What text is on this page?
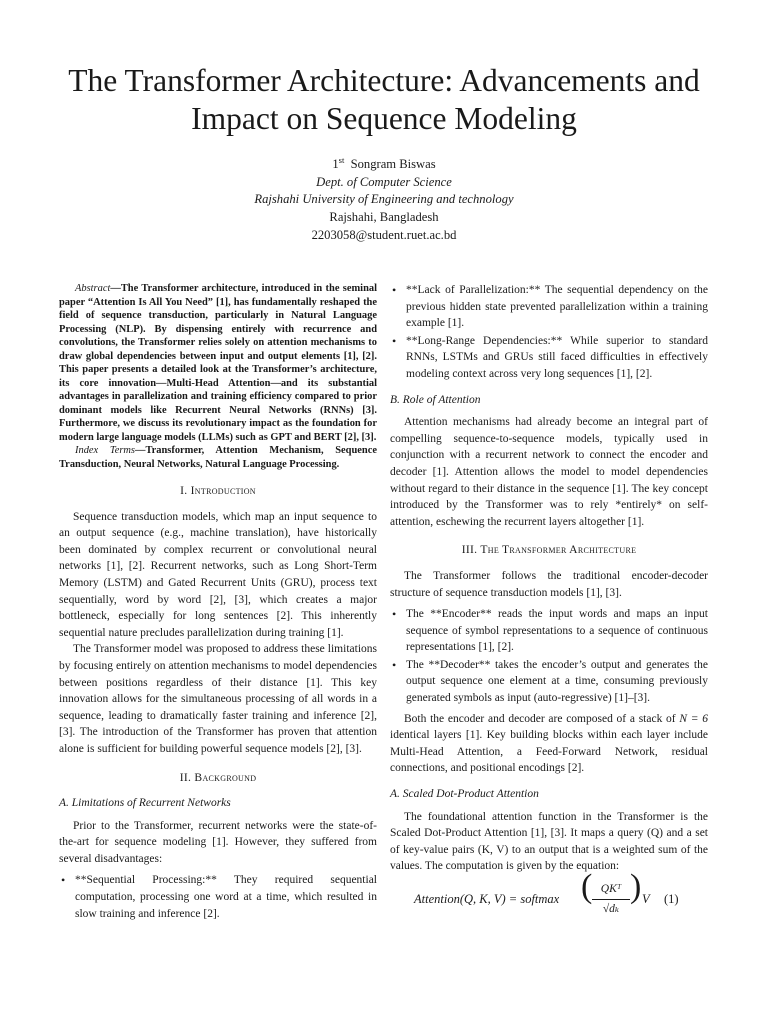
The Transformer Architecture: Advancements and Impact on Sequence Modeling
1st Songram Biswas
Dept. of Computer Science
Rajshahi University of Engineering and technology
Rajshahi, Bangladesh
2203058@student.ruet.ac.bd

Abstract—The Transformer architecture, introduced in the seminal paper “Attention Is All You Need” [1], has fundamentally reshaped the field of sequence transduction, particularly in Natural Language Processing (NLP). By dispensing entirely with recurrence and convolutions, the Transformer relies solely on attention mechanisms to draw global dependencies between input and output elements [1], [2]. This paper presents a detailed look at the Transformer’s architecture, its core innovation—Multi-Head Attention—and its substantial advantages in parallelization and training efficiency compared to prior dominant models like Recurrent Neural Networks (RNNs) [3]. Furthermore, we discuss its revolutionary impact as the foundation for modern large language models (LLMs) such as GPT and BERT [2], [3].

Index Terms—Transformer, Attention Mechanism, Sequence Transduction, Neural Networks, Natural Language Processing.

I. Introduction

Sequence transduction models, which map an input sequence to an output sequence (e.g., machine translation), have historically been dominated by complex recurrent or convolutional neural networks [1], [2]. Recurrent networks, such as Long Short-Term Memory (LSTM) and Gated Recurrent Units (GRU), process text sequentially, word by word [2], [3], which creates a major bottleneck, especially for long sentences [2]. This inherently sequential nature precludes parallelization during training [1].

The Transformer model was proposed to address these limitations by focusing entirely on attention mechanisms to model dependencies between positions regardless of their distance [1]. This key innovation allows for the simultaneous processing of all words in a sequence, leading to dramatically faster training and inference [2], [3]. The introduction of the Transformer has proven that attention alone is sufficient for building powerful sequence models [2], [3].

II. Background
A. Limitations of Recurrent Networks

Prior to the Transformer, recurrent networks were the state-of-the-art for sequence modeling [1]. However, they suffered from several disadvantages:

• **Sequential Processing:** They required sequential computation, processing one word at a time, which resulted in slow training and inference [2].
• **Lack of Parallelization:** The sequential dependency on the previous hidden state prevented parallelization within a training example [1].
• **Long-Range Dependencies:** While superior to standard RNNs, LSTMs and GRUs still faced difficulties in effectively modeling context across very long sequences [1], [2].
B. Role of Attention

Attention mechanisms had already become an integral part of compelling sequence-to-sequence models, typically used in conjunction with a recurrent network to connect the encoder and decoder [1]. Attention allows the model to model dependencies without regard to their distance in the sequence [1]. The key concept introduced by the Transformer was to rely *entirely* on self-attention, eschewing the recurrent layers altogether [1].

III. The Transformer Architecture

The Transformer follows the traditional encoder-decoder structure of sequence transduction models [1], [3].

• The **Encoder** reads the input words and maps an input sequence of symbol representations to a sequence of continuous representations [1], [2].
• The **Decoder** takes the encoder’s output and generates the output sequence one element at a time, consuming previously generated symbols as input (auto-regressive) [1]–[3].

Both the encoder and decoder are composed of a stack of N = 6 identical layers [1]. Key building blocks within each layer include Multi-Head Attention, a Feed-Forward Network, residual connections, and positional encodings [2].

A. Scaled Dot-Product Attention

The foundational attention function in the Transformer is the Scaled Dot-Product Attention [1], [3]. It maps a query (Q) and a set of key-value pairs (K, V) to an output that is a weighted sum of the values. The computation is given by the equation:

Attention(Q, K, V) = softmax ( QKᵀ
√dₖ
) V (1)
